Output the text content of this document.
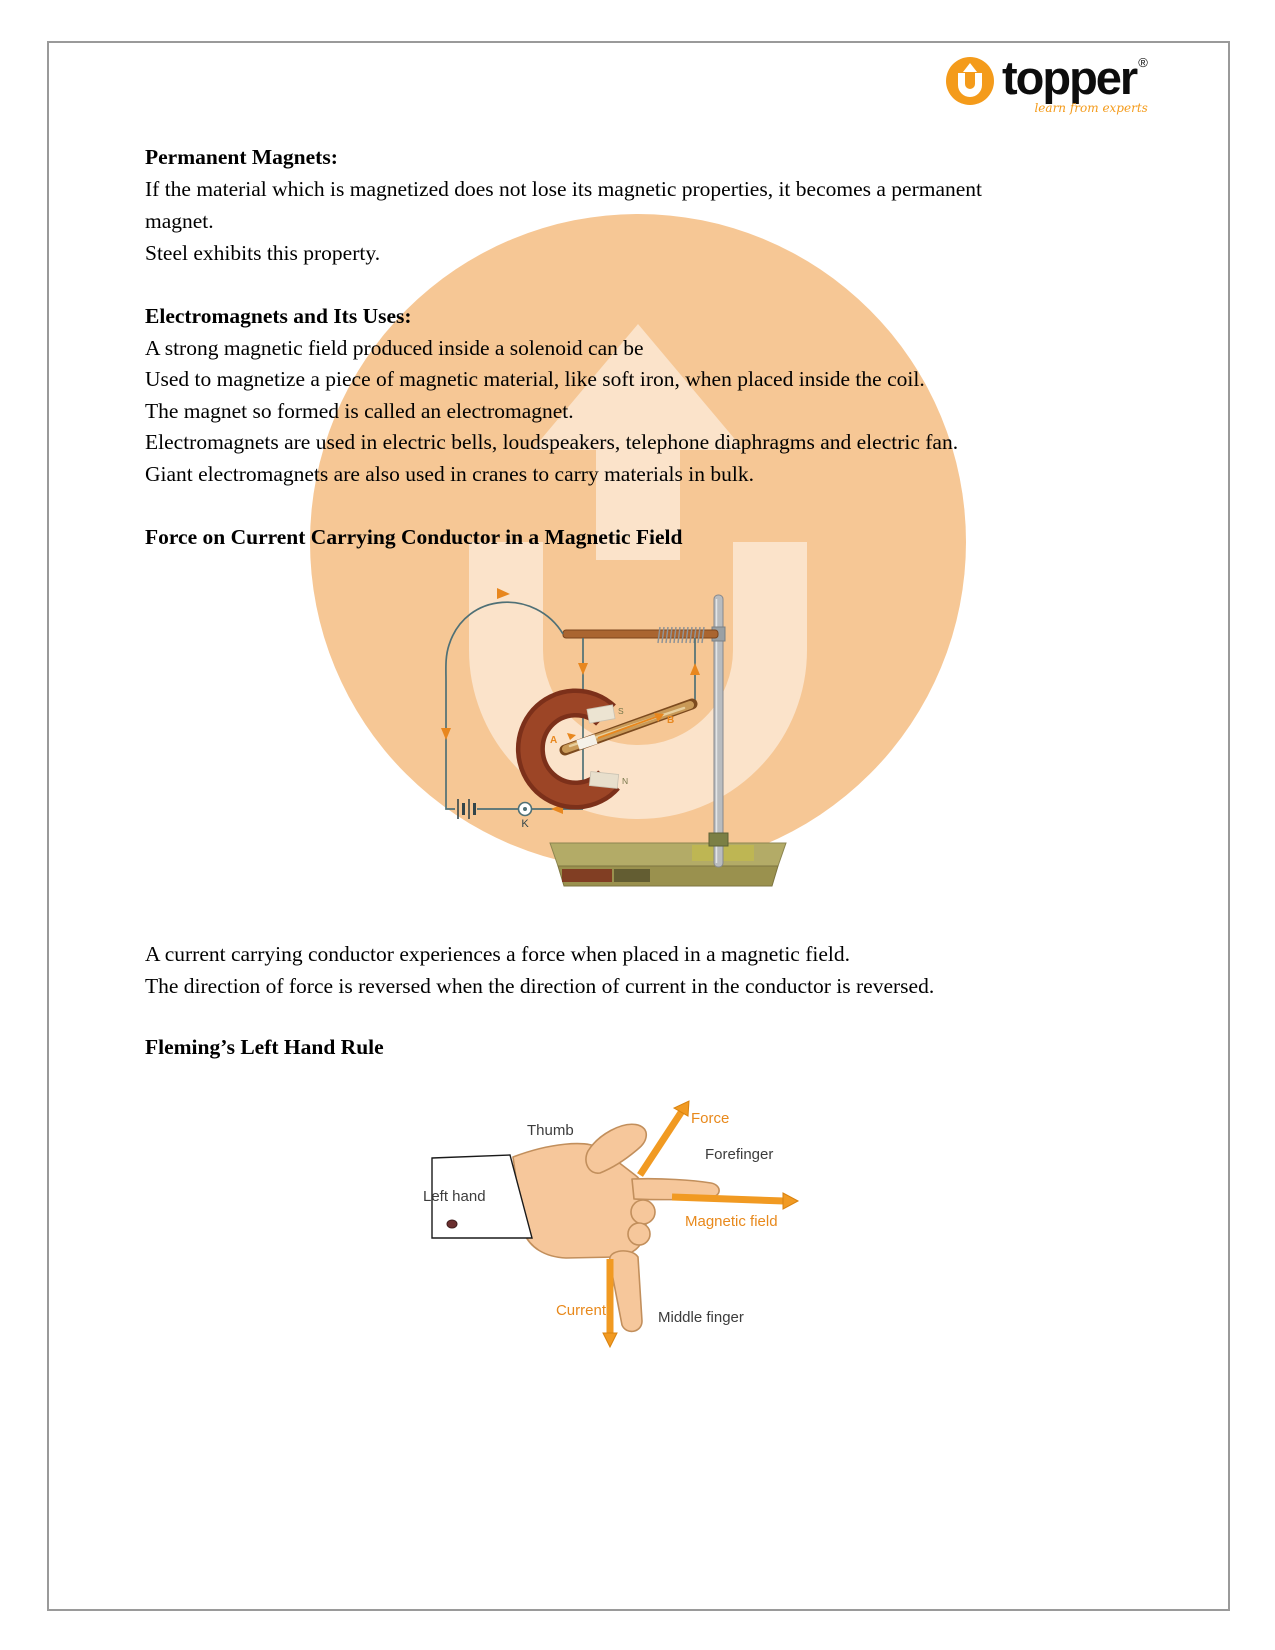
topper ®
learn from experts
Permanent Magnets:
If the material which is magnetized does not lose its magnetic properties, it becomes a permanent
magnet.
Steel exhibits this property.
Electromagnets and Its Uses:
A strong magnetic field produced inside a solenoid can be
Used to magnetize a piece of magnetic material, like soft iron, when placed inside the coil.
The magnet so formed is called an electromagnet.
Electromagnets are used in electric bells, loudspeakers, telephone diaphragms and electric fan.
Giant electromagnets are also used in cranes to carry materials in bulk.
Force on Current Carrying Conductor in a Magnetic Field
K
S
N
A
B
A current carrying conductor experiences a force when placed in a magnetic field.
The direction of force is reversed when the direction of current in the conductor is reversed.
Fleming’s Left Hand Rule
Thumb
Force
Forefinger
Magnetic field
Left hand
Current	Middle finger
